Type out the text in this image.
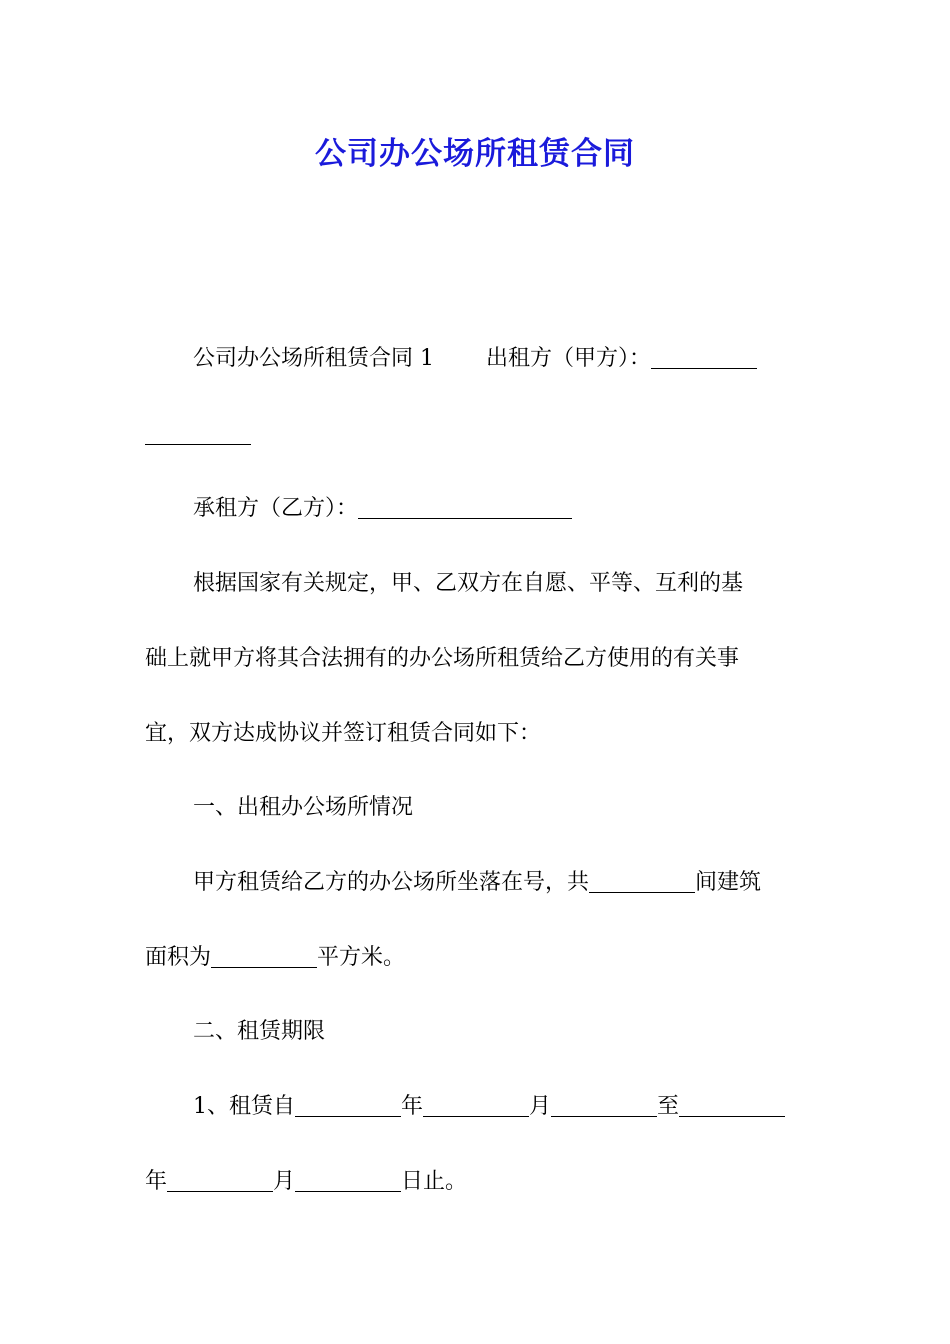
公司办公场所租赁合同

公司办公场所租赁合同 1 出租方（甲方）：

承租方（乙方）：

根据国家有关规定，甲、乙双方在自愿、平等、互利的基

础上就甲方将其合法拥有的办公场所租赁给乙方使用的有关事

宜，双方达成协议并签订租赁合同如下：

一、出租办公场所情况

甲方租赁给乙方的办公场所坐落在号，共	间建筑

面积为	平方米。

二、租赁期限

1、租赁自	年	月	至

年	月	日止。
